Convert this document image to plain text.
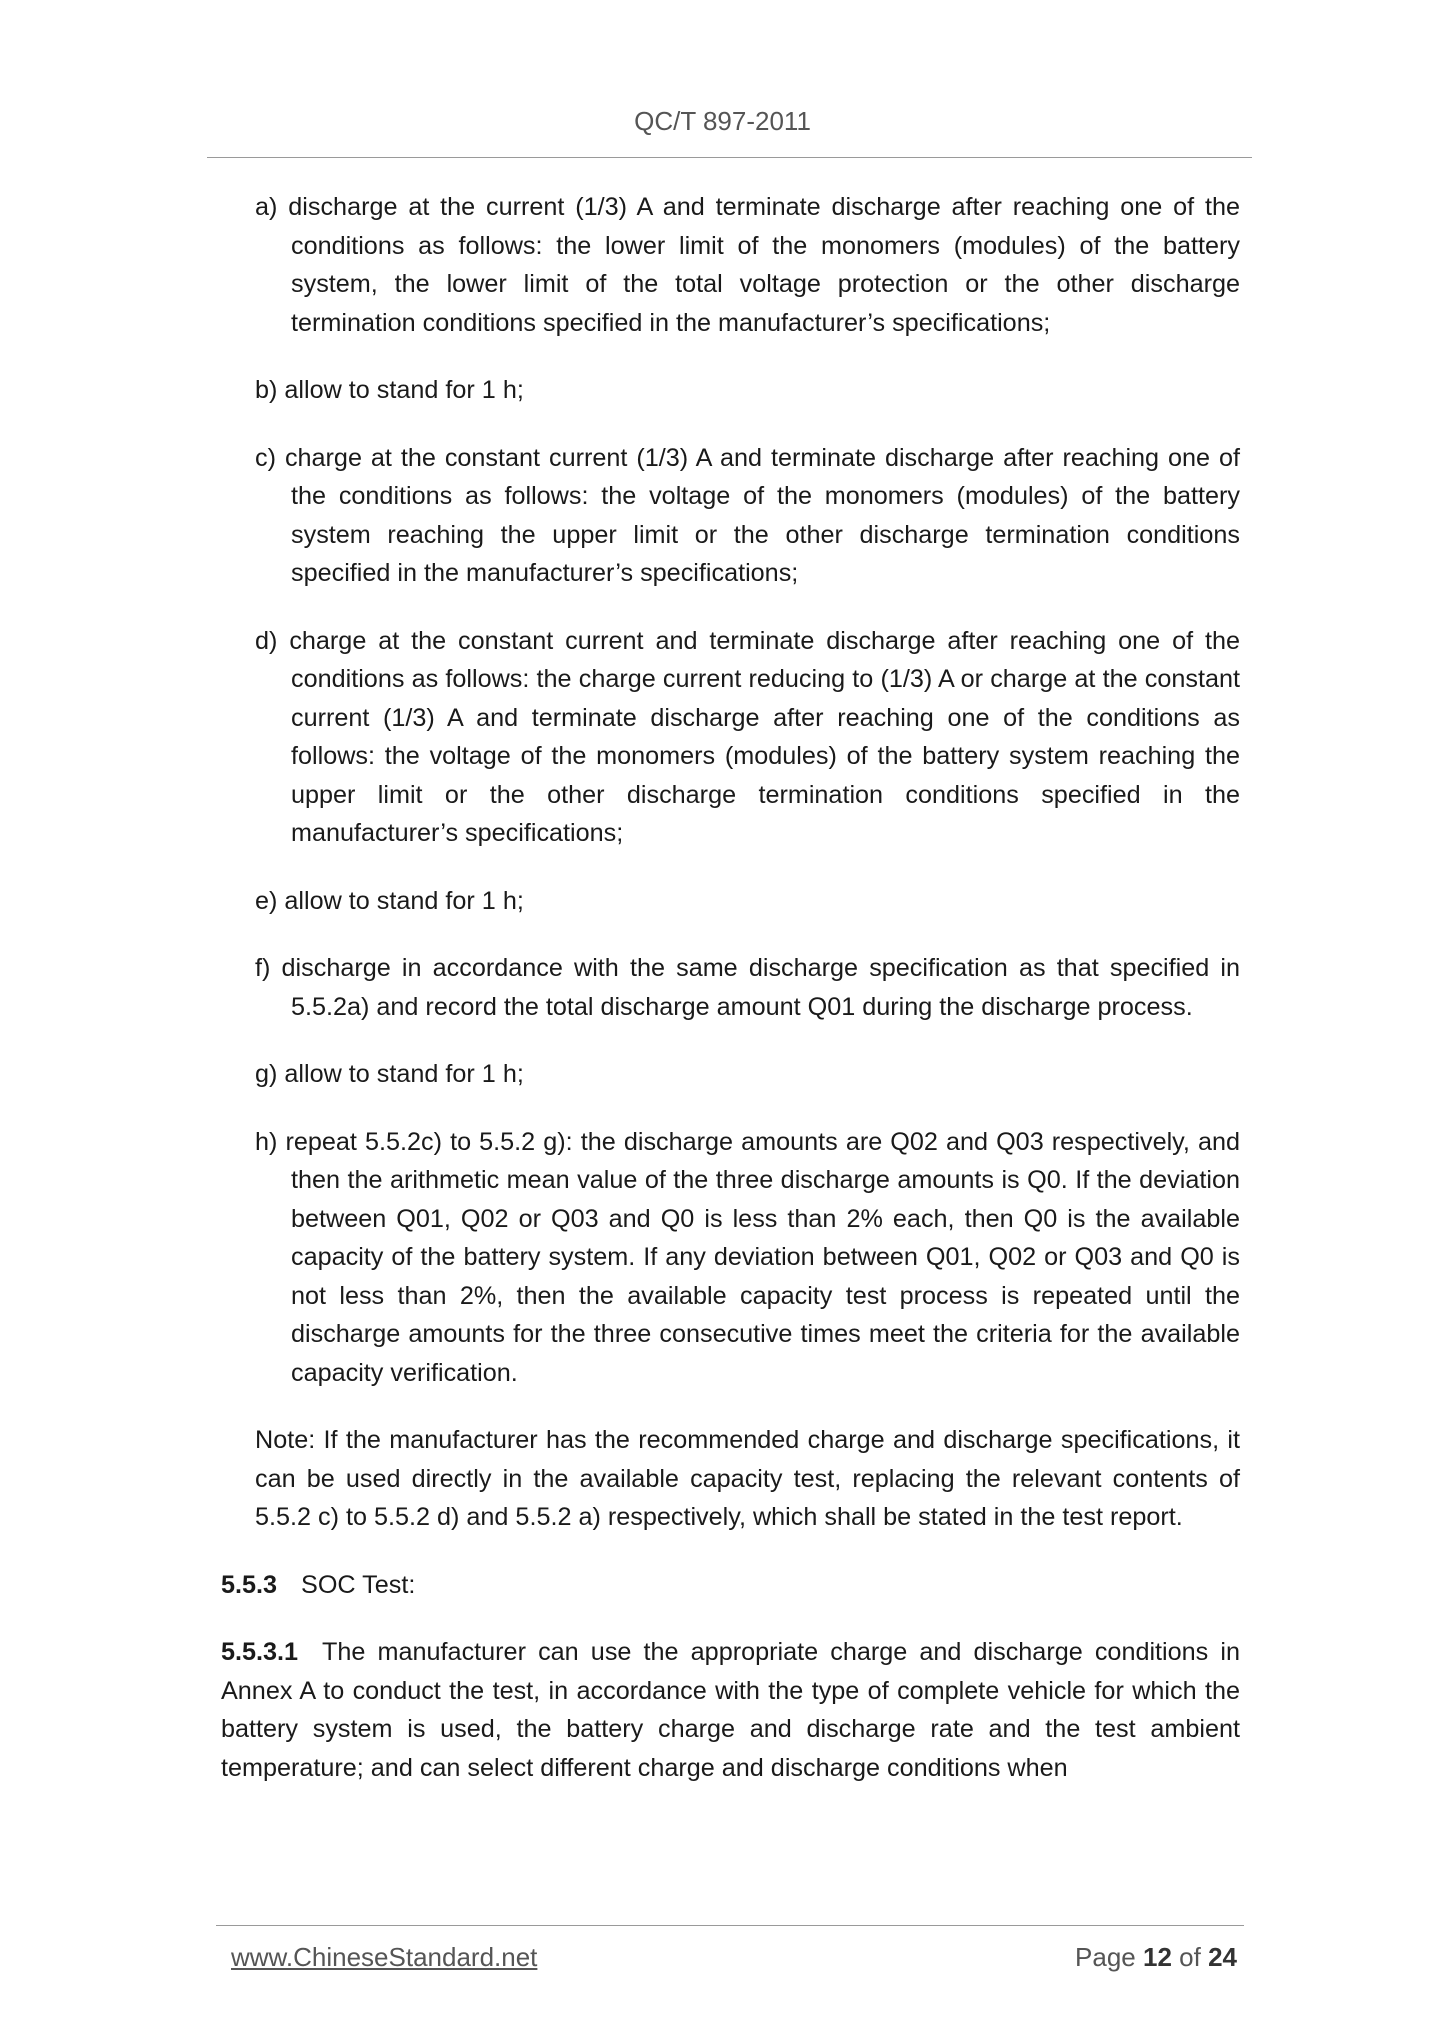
QC/T 897-2011
a) discharge at the current (1/3) A and terminate discharge after reaching one of the conditions as follows: the lower limit of the monomers (modules) of the battery system, the lower limit of the total voltage protection or the other discharge termination conditions specified in the manufacturer’s specifications;
b) allow to stand for 1 h;
c) charge at the constant current (1/3) A and terminate discharge after reaching one of the conditions as follows: the voltage of the monomers (modules) of the battery system reaching the upper limit or the other discharge termination conditions specified in the manufacturer’s specifications;
d) charge at the constant current and terminate discharge after reaching one of the conditions as follows: the charge current reducing to (1/3) A or charge at the constant current (1/3) A and terminate discharge after reaching one of the conditions as follows: the voltage of the monomers (modules) of the battery system reaching the upper limit or the other discharge termination conditions specified in the manufacturer’s specifications;
e) allow to stand for 1 h;
f) discharge in accordance with the same discharge specification as that specified in 5.5.2a) and record the total discharge amount Q01 during the discharge process.
g) allow to stand for 1 h;
h) repeat 5.5.2c) to 5.5.2 g): the discharge amounts are Q02 and Q03 respectively, and then the arithmetic mean value of the three discharge amounts is Q0. If the deviation between Q01, Q02 or Q03 and Q0 is less than 2% each, then Q0 is the available capacity of the battery system. If any deviation between Q01, Q02 or Q03 and Q0 is not less than 2%, then the available capacity test process is repeated until the discharge amounts for the three consecutive times meet the criteria for the available capacity verification.
Note: If the manufacturer has the recommended charge and discharge specifications, it can be used directly in the available capacity test, replacing the relevant contents of 5.5.2 c) to 5.5.2 d) and 5.5.2 a) respectively, which shall be stated in the test report.
5.5.3 SOC Test:
5.5.3.1 The manufacturer can use the appropriate charge and discharge conditions in Annex A to conduct the test, in accordance with the type of complete vehicle for which the battery system is used, the battery charge and discharge rate and the test ambient temperature; and can select different charge and discharge conditions when
www.ChineseStandard.net	Page 12 of 24
